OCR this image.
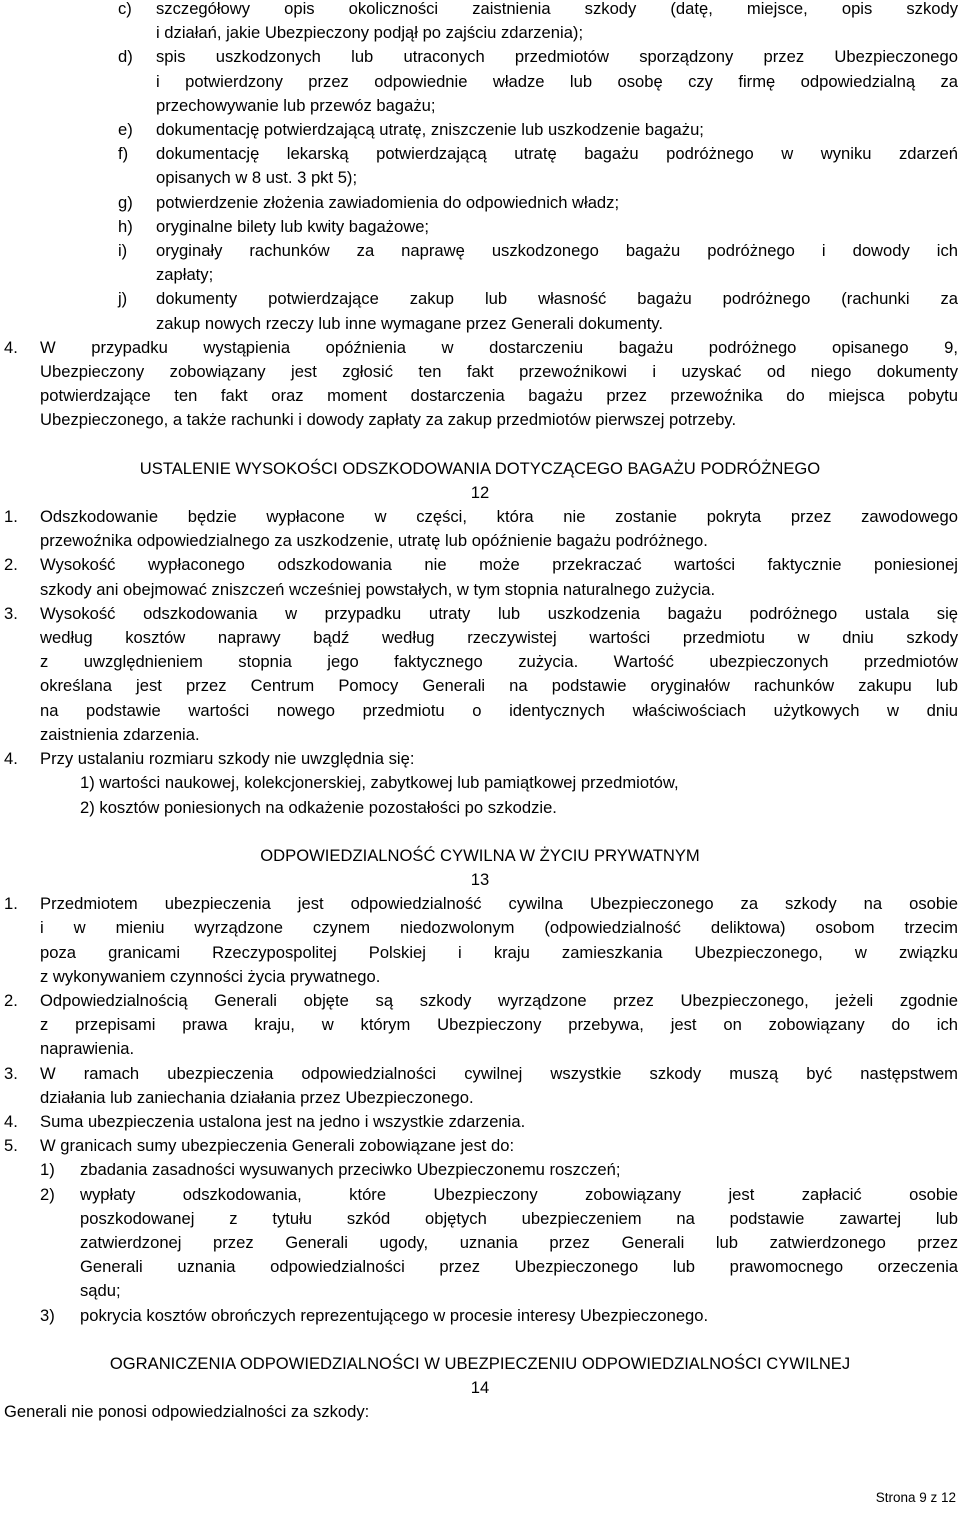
c) szczegółowy opis okoliczności zaistnienia szkody (datę, miejsce, opis szkody
i działań, jakie Ubezpieczony podjął po zajściu zdarzenia);
d) spis uszkodzonych lub utraconych przedmiotów sporządzony przez Ubezpieczonego
i potwierdzony przez odpowiednie władze lub osobę czy firmę odpowiedzialną za
przechowywanie lub przewóz bagażu;
e) dokumentację potwierdzającą utratę, zniszczenie lub uszkodzenie bagażu;
f) dokumentację lekarską potwierdzającą utratę bagażu podróżnego w wyniku zdarzeń
opisanych w 8 ust. 3 pkt 5);
g) potwierdzenie złożenia zawiadomienia do odpowiednich władz;
h) oryginalne bilety lub kwity bagażowe;
i) oryginały rachunków za naprawę uszkodzonego bagażu podróżnego i dowody ich
zapłaty;
j) dokumenty potwierdzające zakup lub własność bagażu podróżnego (rachunki za
zakup nowych rzeczy lub inne wymagane przez Generali dokumenty.
4. W przypadku wystąpienia opóźnienia w dostarczeniu bagażu podróżnego opisanego 9,
Ubezpieczony zobowiązany jest zgłosić ten fakt przewoźnikowi i uzyskać od niego dokumenty
potwierdzające ten fakt oraz moment dostarczenia bagażu przez przewoźnika do miejsca pobytu
Ubezpieczonego, a także rachunki i dowody zapłaty za zakup przedmiotów pierwszej potrzeby.
USTALENIE WYSOKOŚCI ODSZKODOWANIA DOTYCZĄCEGO BAGAŻU PODRÓŻNEGO
12
1. Odszkodowanie będzie wypłacone w części, która nie zostanie pokryta przez zawodowego
przewoźnika odpowiedzialnego za uszkodzenie, utratę lub opóźnienie bagażu podróżnego.
2. Wysokość wypłaconego odszkodowania nie może przekraczać wartości faktycznie poniesionej
szkody ani obejmować zniszczeń wcześniej powstałych, w tym stopnia naturalnego zużycia.
3. Wysokość odszkodowania w przypadku utraty lub uszkodzenia bagażu podróżnego ustala się
według kosztów naprawy bądź według rzeczywistej wartości przedmiotu w dniu szkody
z uwzględnieniem stopnia jego faktycznego zużycia. Wartość ubezpieczonych przedmiotów
określana jest przez Centrum Pomocy Generali na podstawie oryginałów rachunków zakupu lub
na podstawie wartości nowego przedmiotu o identycznych właściwościach użytkowych w dniu
zaistnienia zdarzenia.
4. Przy ustalaniu rozmiaru szkody nie uwzględnia się:
1) wartości naukowej, kolekcjonerskiej, zabytkowej lub pamiątkowej przedmiotów,
2) kosztów poniesionych na odkażenie pozostałości po szkodzie.
ODPOWIEDZIALNOŚĆ CYWILNA W ŻYCIU PRYWATNYM
13
1. Przedmiotem ubezpieczenia jest odpowiedzialność cywilna Ubezpieczonego za szkody na osobie
i w mieniu wyrządzone czynem niedozwolonym (odpowiedzialność deliktowa) osobom trzecim
poza granicami Rzeczypospolitej Polskiej i kraju zamieszkania Ubezpieczonego, w związku
z wykonywaniem czynności życia prywatnego.
2. Odpowiedzialnością Generali objęte są szkody wyrządzone przez Ubezpieczonego, jeżeli zgodnie
z przepisami prawa kraju, w którym Ubezpieczony przebywa, jest on zobowiązany do ich
naprawienia.
3. W ramach ubezpieczenia odpowiedzialności cywilnej wszystkie szkody muszą być następstwem
działania lub zaniechania działania przez Ubezpieczonego.
4. Suma ubezpieczenia ustalona jest na jedno i wszystkie zdarzenia.
5. W granicach sumy ubezpieczenia Generali zobowiązane jest do:
1) zbadania zasadności wysuwanych przeciwko Ubezpieczonemu roszczeń;
2) wypłaty odszkodowania, które Ubezpieczony zobowiązany jest zapłacić osobie
poszkodowanej z tytułu szkód objętych ubezpieczeniem na podstawie zawartej lub
zatwierdzonej przez Generali ugody, uznania przez Generali lub zatwierdzonego przez
Generali uznania odpowiedzialności przez Ubezpieczonego lub prawomocnego orzeczenia
sądu;
3) pokrycia kosztów obrończych reprezentującego w procesie interesy Ubezpieczonego.
OGRANICZENIA ODPOWIEDZIALNOŚCI W UBEZPIECZENIU ODPOWIEDZIALNOŚCI CYWILNEJ
14
Generali nie ponosi odpowiedzialności za szkody:
Strona 9 z 12
